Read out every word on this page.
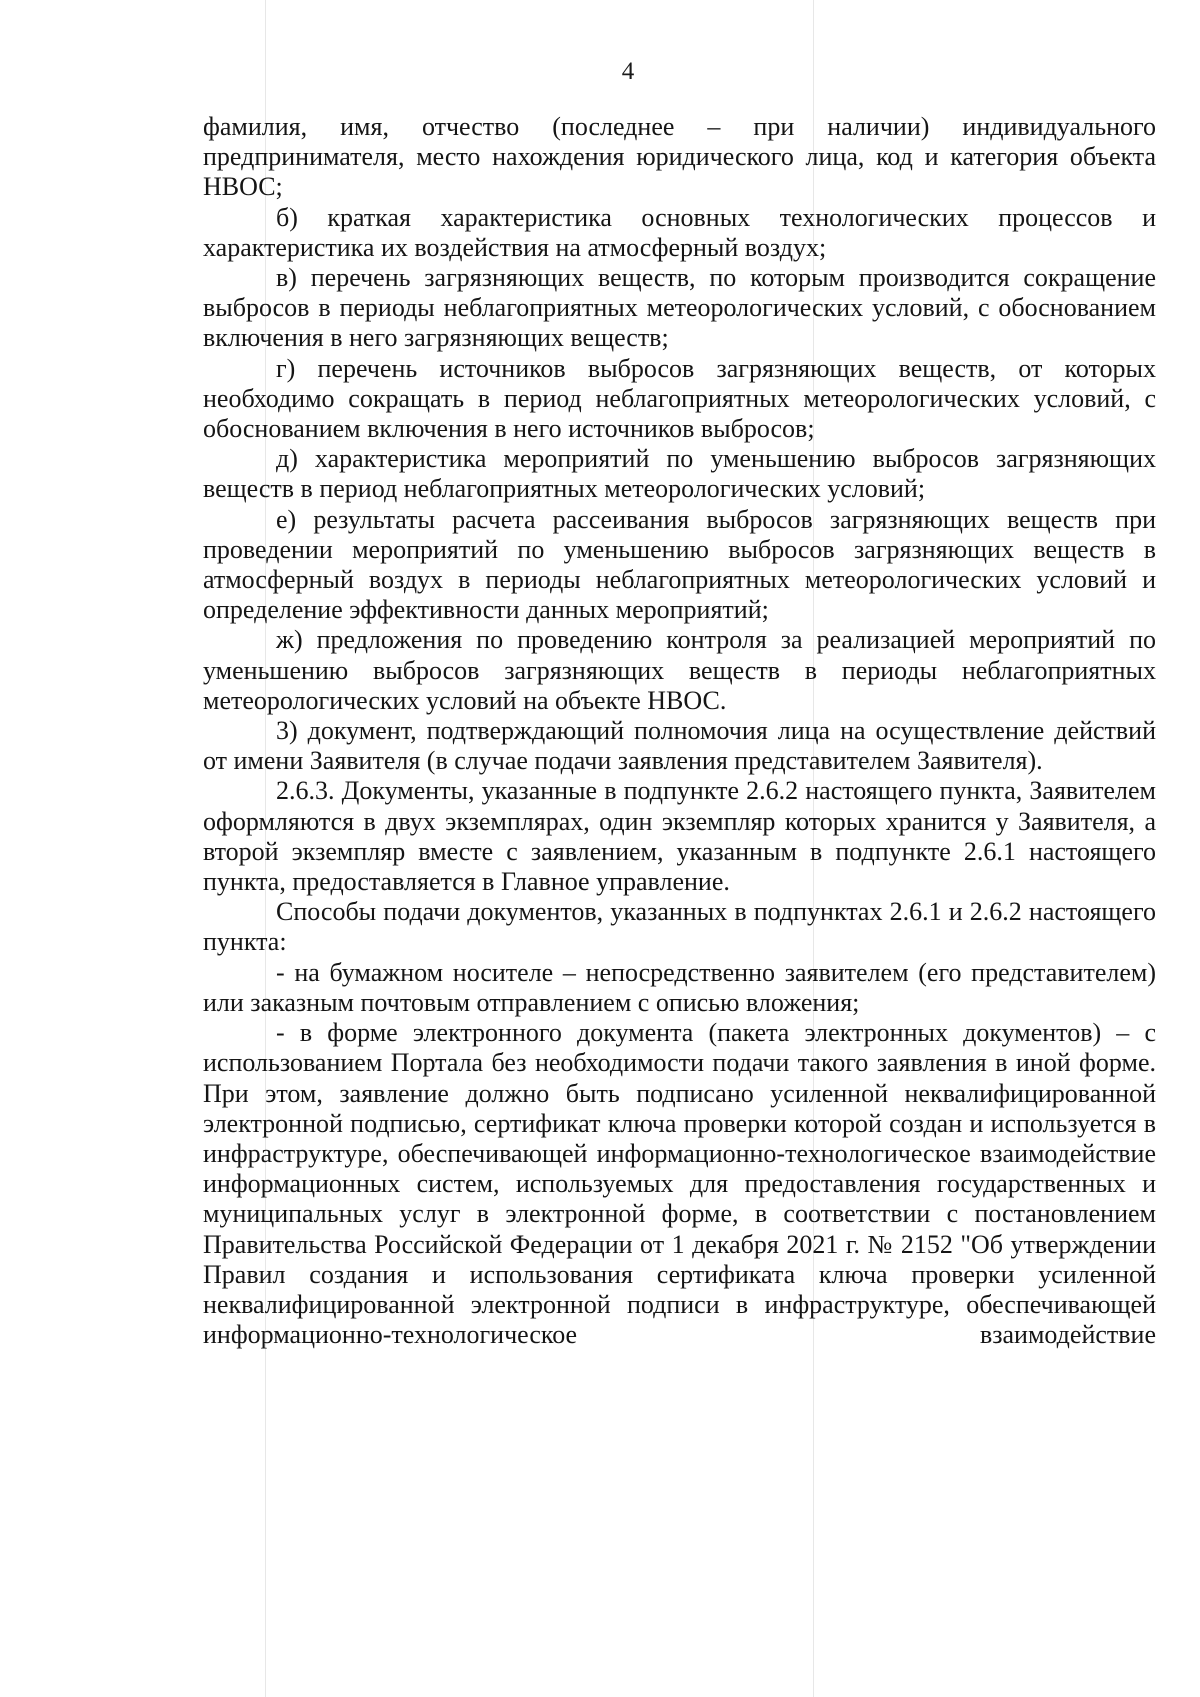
4

фамилия, имя, отчество (последнее – при наличии) индивидуального предпринимателя, место нахождения юридического лица, код и категория объекта НВОС;

б) краткая характеристика основных технологических процессов и характеристика их воздействия на атмосферный воздух;

в) перечень загрязняющих веществ, по которым производится сокращение выбросов в периоды неблагоприятных метеорологических условий, с обоснованием включения в него загрязняющих веществ;

г) перечень источников выбросов загрязняющих веществ, от которых необходимо сокращать в период неблагоприятных метеорологических условий, с обоснованием включения в него источников выбросов;

д) характеристика мероприятий по уменьшению выбросов загрязняющих веществ в период неблагоприятных метеорологических условий;

е) результаты расчета рассеивания выбросов загрязняющих веществ при проведении мероприятий по уменьшению выбросов загрязняющих веществ в атмосферный воздух в периоды неблагоприятных метеорологических условий и определение эффективности данных мероприятий;

ж) предложения по проведению контроля за реализацией мероприятий по уменьшению выбросов загрязняющих веществ в периоды неблагоприятных метеорологических условий на объекте НВОС.

3) документ, подтверждающий полномочия лица на осуществление действий от имени Заявителя (в случае подачи заявления представителем Заявителя).

2.6.3. Документы, указанные в подпункте 2.6.2 настоящего пункта, Заявителем оформляются в двух экземплярах, один экземпляр которых хранится у Заявителя, а второй экземпляр вместе с заявлением, указанным в подпункте 2.6.1 настоящего пункта, предоставляется в Главное управление.

Способы подачи документов, указанных в подпунктах 2.6.1 и 2.6.2 настоящего пункта:

- на бумажном носителе – непосредственно заявителем (его представителем) или заказным почтовым отправлением с описью вложения;

- в форме электронного документа (пакета электронных документов) – с использованием Портала без необходимости подачи такого заявления в иной форме. При этом, заявление должно быть подписано усиленной неквалифицированной электронной подписью, сертификат ключа проверки которой создан и используется в инфраструктуре, обеспечивающей информационно-технологическое взаимодействие информационных систем, используемых для предоставления государственных и муниципальных услуг в электронной форме, в соответствии с постановлением Правительства Российской Федерации от 1 декабря 2021 г. № 2152 "Об утверждении Правил создания и использования сертификата ключа проверки усиленной неквалифицированной электронной подписи в инфраструктуре, обеспечивающей информационно-технологическое взаимодействие
